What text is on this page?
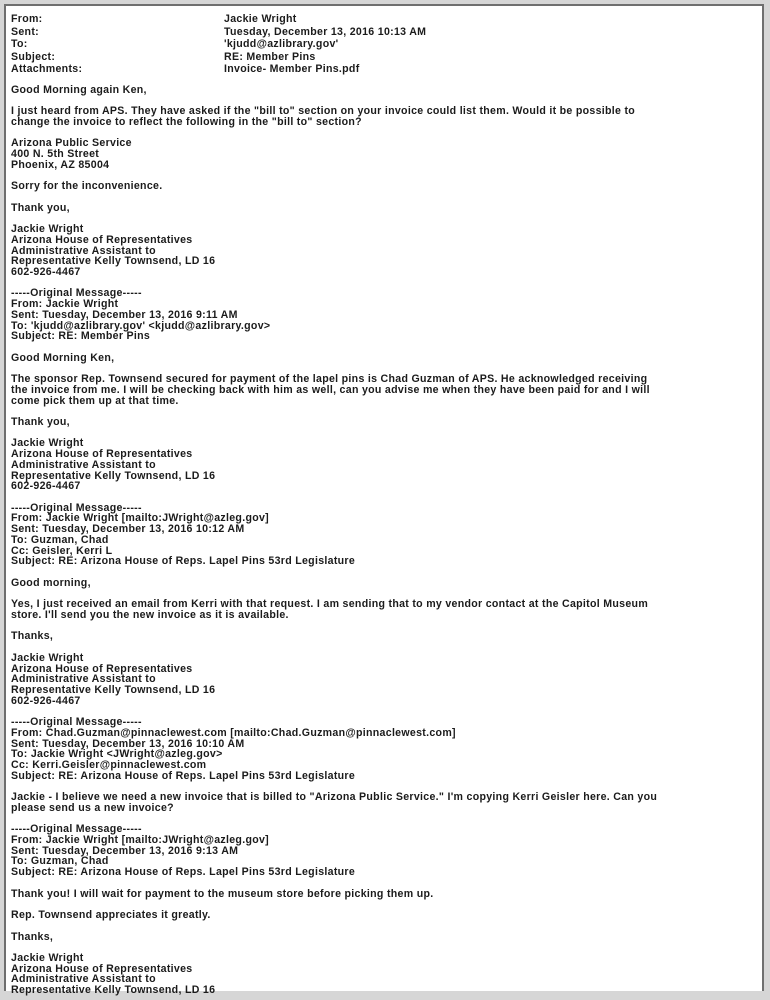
From:	Jackie Wright
Sent:	Tuesday, December 13, 2016 10:13 AM
To:	'kjudd@azlibrary.gov'
Subject:	RE: Member Pins
Attachments:	Invoice- Member Pins.pdf
Good Morning again Ken,

I just heard from APS. They have asked if the "bill to" section on your invoice could list them. Would it be possible to
change the invoice to reflect the following in the "bill to" section?

Arizona Public Service
400 N. 5th Street
Phoenix, AZ 85004

Sorry for the inconvenience.

Thank you,

Jackie Wright
Arizona House of Representatives
Administrative Assistant to
Representative Kelly Townsend, LD 16
602-926-4467

-----Original Message-----
From: Jackie Wright
Sent: Tuesday, December 13, 2016 9:11 AM
To: 'kjudd@azlibrary.gov' <kjudd@azlibrary.gov>
Subject: RE: Member Pins

Good Morning Ken,

The sponsor Rep. Townsend secured for payment of the lapel pins is Chad Guzman of APS. He acknowledged receiving
the invoice from me. I will be checking back with him as well, can you advise me when they have been paid for and I will
come pick them up at that time.

Thank you,

Jackie Wright
Arizona House of Representatives
Administrative Assistant to
Representative Kelly Townsend, LD 16
602-926-4467

-----Original Message-----
From: Jackie Wright [mailto:JWright@azleg.gov]
Sent: Tuesday, December 13, 2016 10:12 AM
To: Guzman, Chad
Cc: Geisler, Kerri L
Subject: RE: Arizona House of Reps. Lapel Pins 53rd Legislature

Good morning,

Yes, I just received an email from Kerri with that request. I am sending that to my vendor contact at the Capitol Museum
store. I'll send you the new invoice as it is available.

Thanks,

Jackie Wright
Arizona House of Representatives
Administrative Assistant to
Representative Kelly Townsend, LD 16
602-926-4467

-----Original Message-----
From: Chad.Guzman@pinnaclewest.com [mailto:Chad.Guzman@pinnaclewest.com]
Sent: Tuesday, December 13, 2016 10:10 AM
To: Jackie Wright <JWright@azleg.gov>
Cc: Kerri.Geisler@pinnaclewest.com
Subject: RE: Arizona House of Reps. Lapel Pins 53rd Legislature

Jackie - I believe we need a new invoice that is billed to "Arizona Public Service." I'm copying Kerri Geisler here. Can you
please send us a new invoice?

-----Original Message-----
From: Jackie Wright [mailto:JWright@azleg.gov]
Sent: Tuesday, December 13, 2016 9:13 AM
To: Guzman, Chad
Subject: RE: Arizona House of Reps. Lapel Pins 53rd Legislature

Thank you! I will wait for payment to the museum store before picking them up.

Rep. Townsend appreciates it greatly.

Thanks,

Jackie Wright
Arizona House of Representatives
Administrative Assistant to
Representative Kelly Townsend, LD 16
